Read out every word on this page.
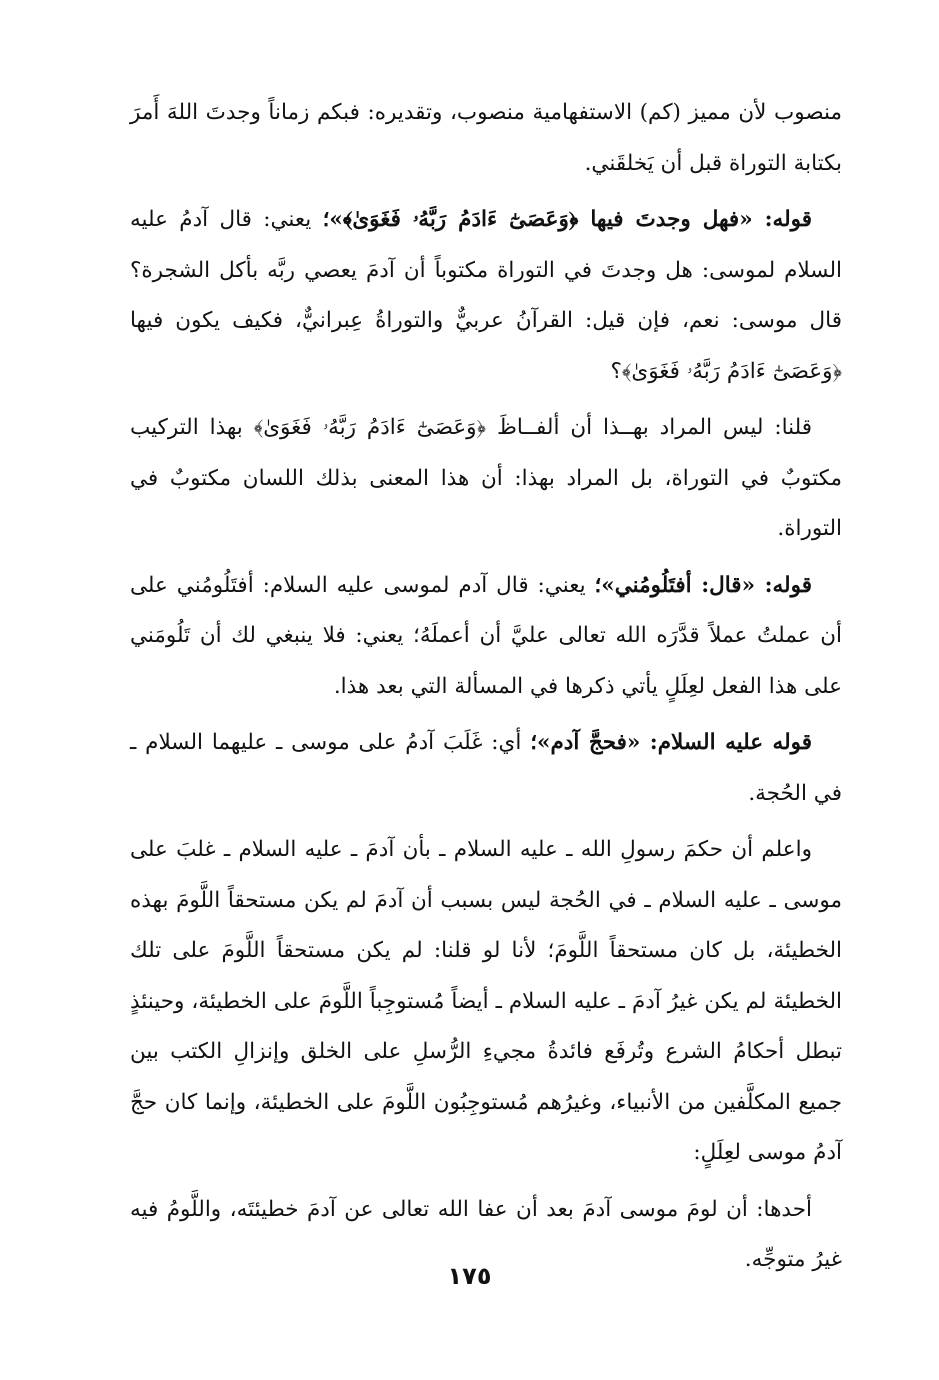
منصوب لأن مميز (كم) الاستفهامية منصوب، وتقديره: فبكم زماناً وجدتَ اللهَ أَمرَ بكتابة التوراة قبل أن يَخلقَني.

قوله: «فهل وجدتَ فيها ﴿وَعَصَىٰٓ ءَادَمُ رَبَّهُۥ فَغَوَىٰ﴾»؛ يعني: قال آدمُ عليه السلام لموسى: هل وجدتَ في التوراة مكتوباً أن آدمَ يعصي ربَّه بأكل الشجرة؟ قال موسى: نعم، فإن قيل: القرآنُ عربيٌّ والتوراةُ عِبرانيٌّ، فكيف يكون فيها ﴿وَعَصَىٰٓ ءَادَمُ رَبَّهُۥ فَغَوَىٰ﴾؟

قلنا: ليس المراد بهــذا أن ألفــاظَ ﴿وَعَصَىٰٓ ءَادَمُ رَبَّهُۥ فَغَوَىٰ﴾ بهذا التركيب مكتوبٌ في التوراة، بل المراد بهذا: أن هذا المعنى بذلك اللسان مكتوبٌ في التوراة.

قوله: «قال: أفتَلُومُني»؛ يعني: قال آدم لموسى عليه السلام: أفتَلُومُني على أن عملتُ عملاً قدَّرَه الله تعالى عليَّ أن أعملَهُ؛ يعني: فلا ينبغي لك أن تَلُومَني على هذا الفعل لعِلَلٍ يأتي ذكرها في المسألة التي بعد هذا.

قوله عليه السلام: «فحجَّ آدم»؛ أي: غَلَبَ آدمُ على موسى ـ عليهما السلام ـ في الحُجة.

واعلم أن حكمَ رسولِ الله ـ عليه السلام ـ بأن آدمَ ـ عليه السلام ـ غلبَ على موسى ـ عليه السلام ـ في الحُجة ليس بسبب أن آدمَ لم يكن مستحقاً اللَّومَ بهذه الخطيئة، بل كان مستحقاً اللَّومَ؛ لأنا لو قلنا: لم يكن مستحقاً اللَّومَ على تلك الخطيئة لم يكن غيرُ آدمَ ـ عليه السلام ـ أيضاً مُستوجِباً اللَّومَ على الخطيئة، وحينئذٍ تبطل أحكامُ الشرع وتُرفَع فائدةُ مجيءِ الرُّسلِ على الخلق وإنزالِ الكتب بين جميع المكلَّفين من الأنبياء، وغيرُهم مُستوجِبُون اللَّومَ على الخطيئة، وإنما كان حجَّ آدمُ موسى لعِلَلٍ:

أحدها: أن لومَ موسى آدمَ بعد أن عفا الله تعالى عن آدمَ خطيئتَه، واللَّومُ فيه غيرُ متوجِّه.

١٧٥
